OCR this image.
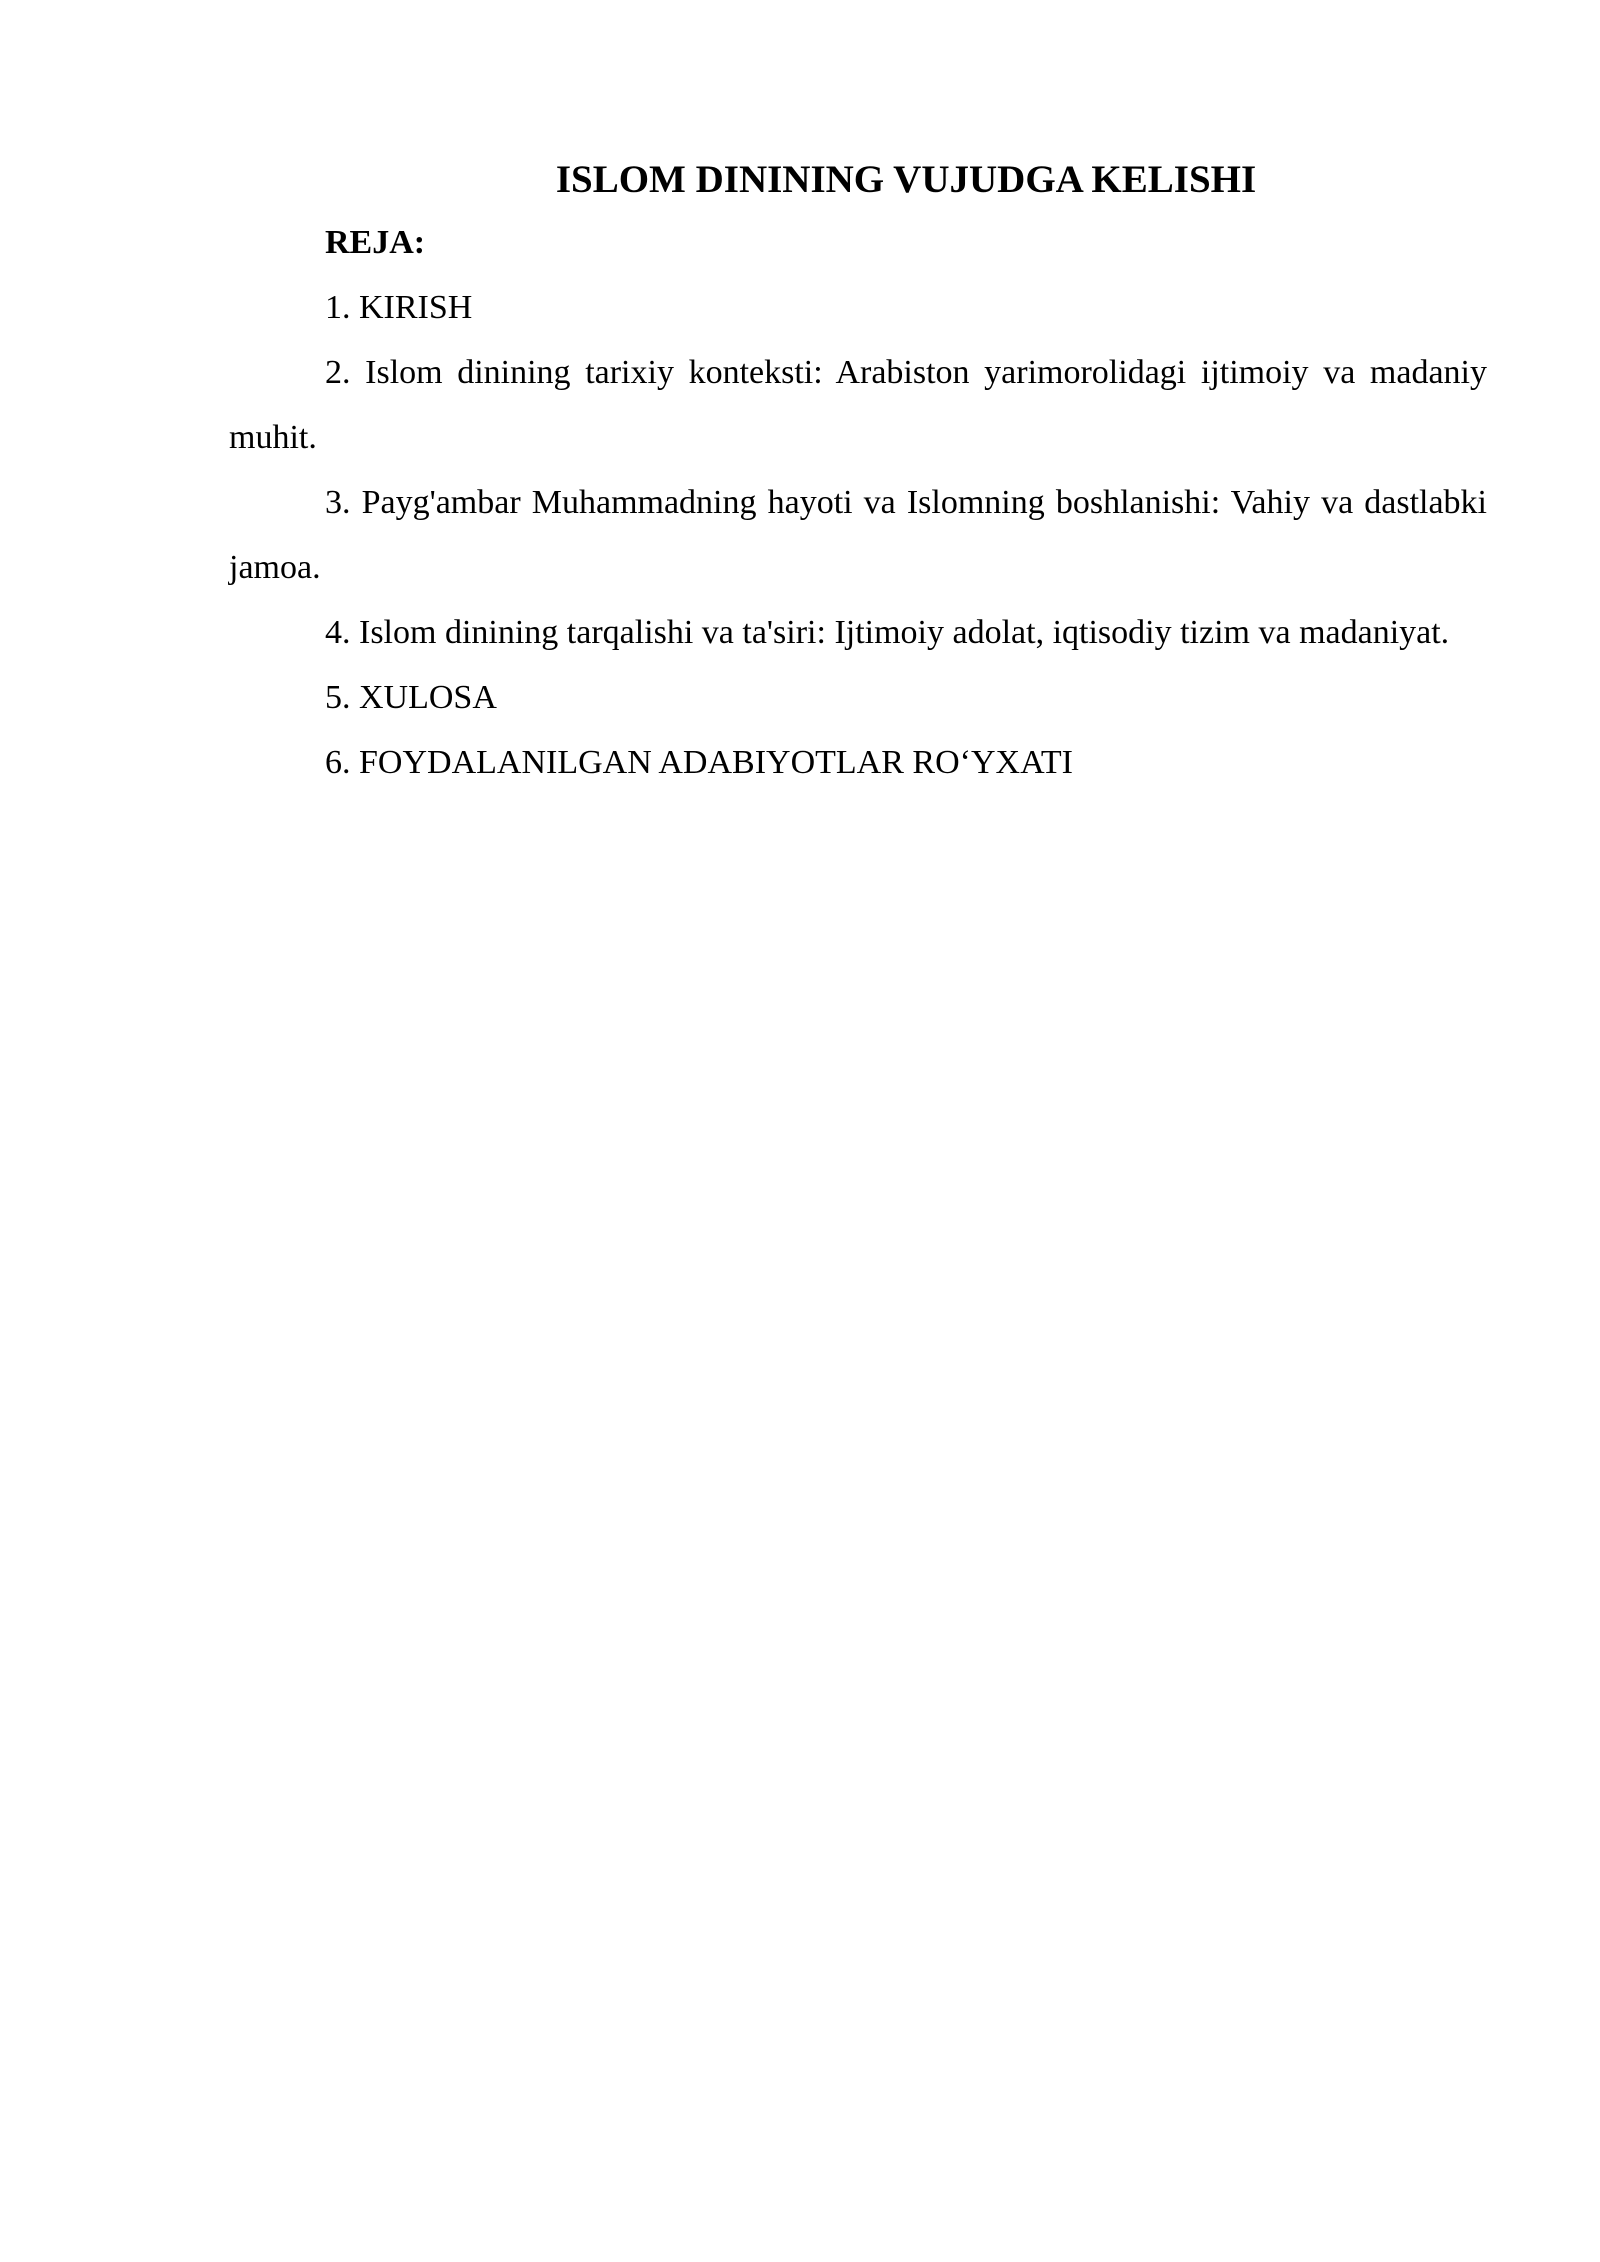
ISLOM DININING VUJUDGA KELISHI

REJA:

1. KIRISH
2. Islom dinining tarixiy konteksti: Arabiston yarimorolidagi ijtimoiy va madaniy muhit.
3. Payg'ambar Muhammadning hayoti va Islomning boshlanishi: Vahiy va dastlabki jamoa.
4. Islom dinining tarqalishi va ta'siri: Ijtimoiy adolat, iqtisodiy tizim va madaniyat.
5. XULOSA
6. FOYDALANILGAN ADABIYOTLAR RO‘YXATI
